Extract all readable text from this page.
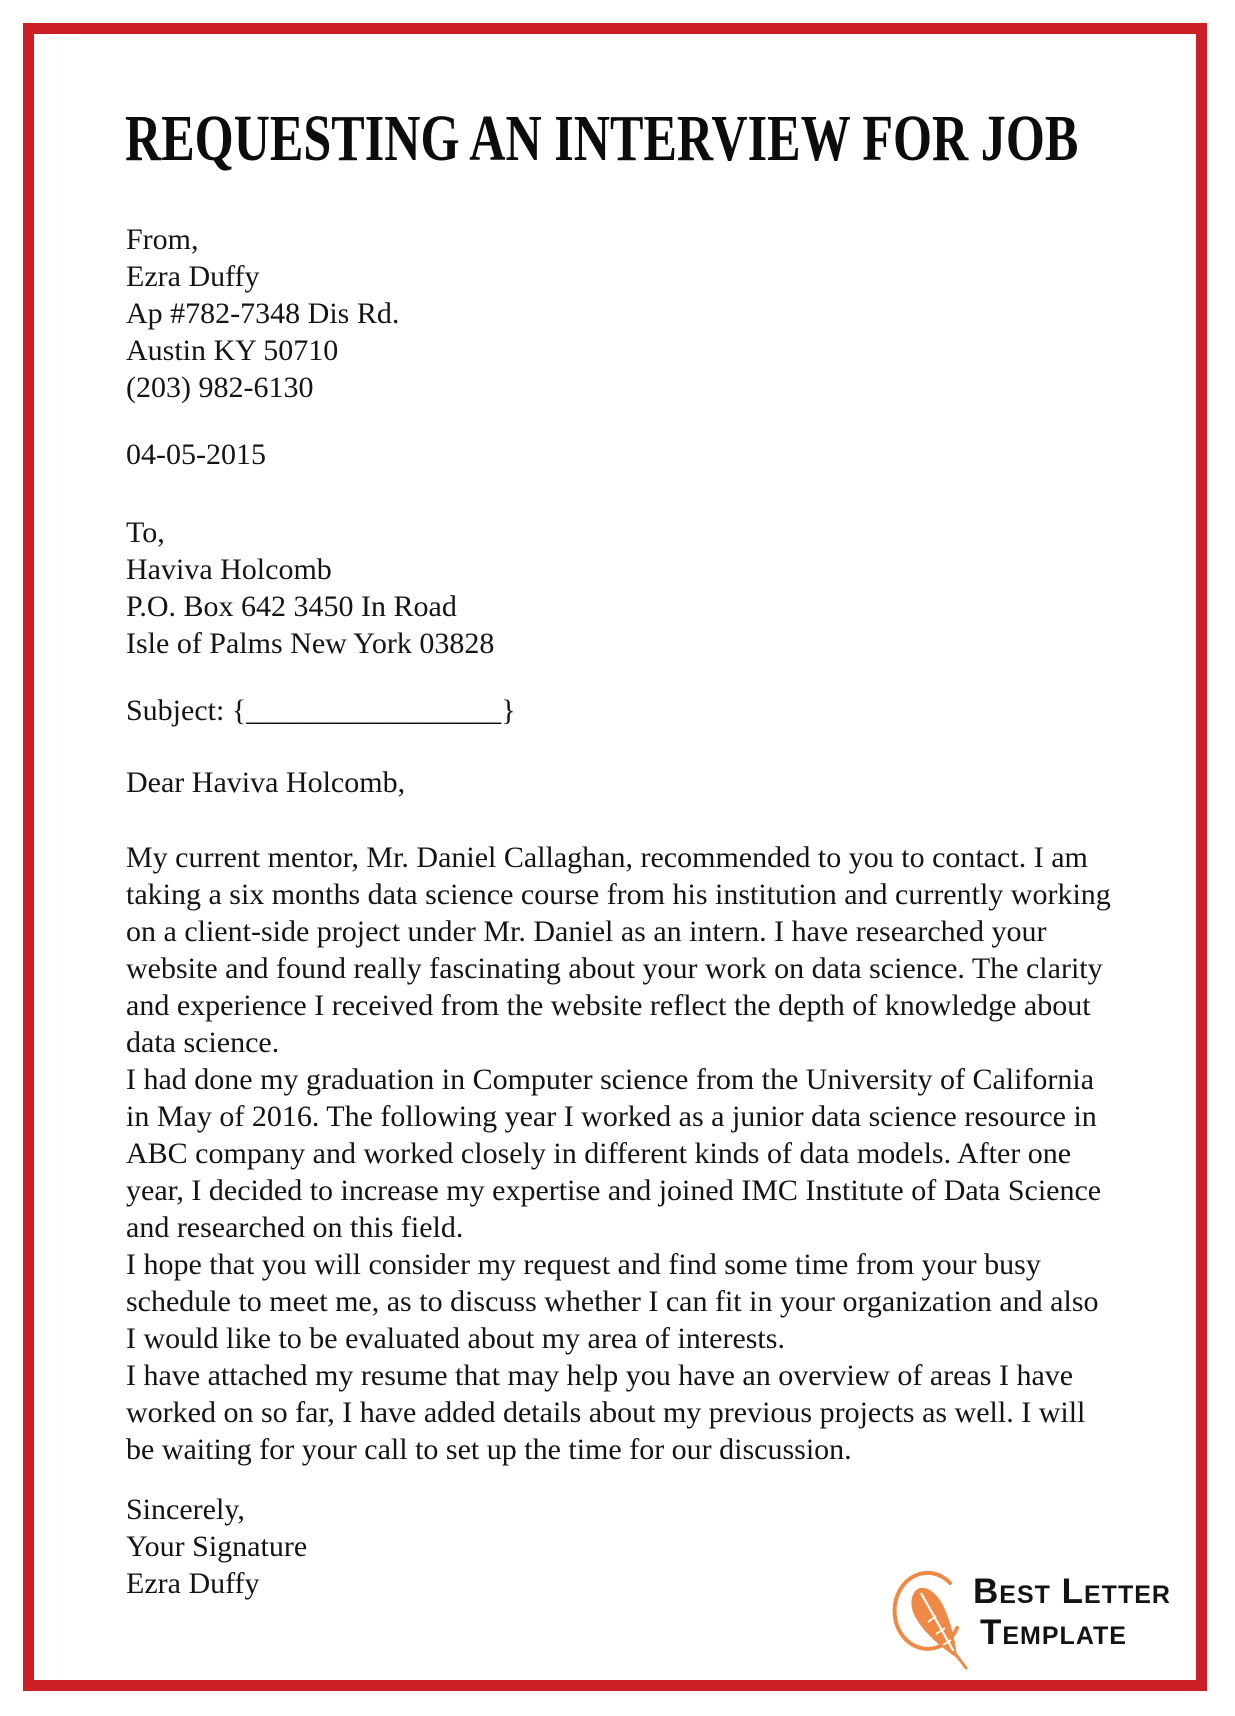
REQUESTING AN INTERVIEW FOR JOB
From,
Ezra Duffy
Ap #782-7348 Dis Rd.
Austin KY 50710
(203) 982-6130
04-05-2015
To,
Haviva Holcomb
P.O. Box 642 3450 In Road
Isle of Palms New York 03828
Subject: {_________________}
Dear Haviva Holcomb,
My current mentor, Mr. Daniel Callaghan, recommended to you to contact. I am
taking a six months data science course from his institution and currently working
on a client-side project under Mr. Daniel as an intern. I have researched your
website and found really fascinating about your work on data science. The clarity
and experience I received from the website reflect the depth of knowledge about
data science.
I had done my graduation in Computer science from the University of California
in May of 2016. The following year I worked as a junior data science resource in
ABC company and worked closely in different kinds of data models. After one
year, I decided to increase my expertise and joined IMC Institute of Data Science
and researched on this field.
I hope that you will consider my request and find some time from your busy
schedule to meet me, as to discuss whether I can fit in your organization and also
I would like to be evaluated about my area of interests.
I have attached my resume that may help you have an overview of areas I have
worked on so far, I have added details about my previous projects as well. I will
be waiting for your call to set up the time for our discussion.
Sincerely,
Your Signature
Ezra Duffy	Best Letter
Template
